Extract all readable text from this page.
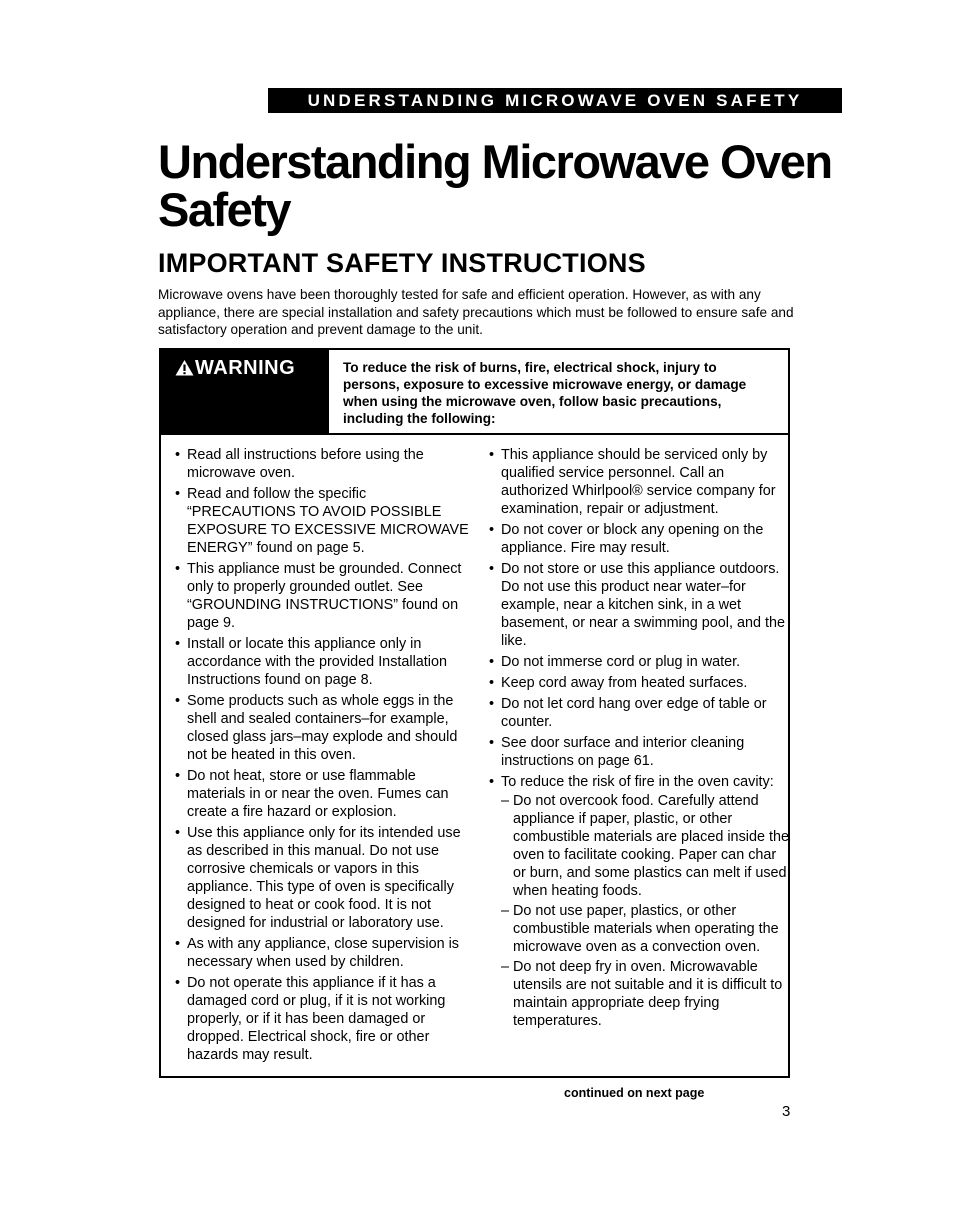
UNDERSTANDING MICROWAVE OVEN SAFETY
Understanding Microwave Oven Safety
IMPORTANT SAFETY INSTRUCTIONS

Microwave ovens have been thoroughly tested for safe and efficient operation. However, as with any appliance, there are special installation and safety precautions which must be followed to ensure safe and satisfactory operation and prevent damage to the unit.

WARNING	To reduce the risk of burns, fire, electrical shock, injury to persons, exposure to excessive microwave energy, or damage when using the microwave oven, follow basic precautions, including the following:
• Read all instructions before using the microwave oven.
• Read and follow the specific “PRECAUTIONS TO AVOID POSSIBLE EXPOSURE TO EXCESSIVE MICROWAVE ENERGY” found on page 5.
• This appliance must be grounded. Connect only to properly grounded outlet. See “GROUNDING INSTRUCTIONS” found on page 9.
• Install or locate this appliance only in accordance with the provided Installation Instructions found on page 8.
• Some products such as whole eggs in the shell and sealed containers–for example, closed glass jars–may explode and should not be heated in this oven.
• Do not heat, store or use flammable materials in or near the oven. Fumes can create a fire hazard or explosion.
• Use this appliance only for its intended use as described in this manual. Do not use corrosive chemicals or vapors in this appliance. This type of oven is specifically designed to heat or cook food. It is not designed for industrial or laboratory use.
• As with any appliance, close supervision is necessary when used by children.
• Do not operate this appliance if it has a damaged cord or plug, if it is not working properly, or if it has been damaged or dropped. Electrical shock, fire or other hazards may result.
• This appliance should be serviced only by qualified service personnel. Call an authorized Whirlpool® service company for examination, repair or adjustment.
• Do not cover or block any opening on the appliance. Fire may result.
• Do not store or use this appliance outdoors. Do not use this product near water–for example, near a kitchen sink, in a wet basement, or near a swimming pool, and the like.
• Do not immerse cord or plug in water.
• Keep cord away from heated surfaces.
• Do not let cord hang over edge of table or counter.
• See door surface and interior cleaning instructions on page 61.
• To reduce the risk of fire in the oven cavity:
– Do not overcook food. Carefully attend appliance if paper, plastic, or other combustible materials are placed inside the oven to facilitate cooking. Paper can char or burn, and some plastics can melt if used when heating foods.
– Do not use paper, plastics, or other combustible materials when operating the microwave oven as a convection oven.
– Do not deep fry in oven. Microwavable utensils are not suitable and it is difficult to maintain appropriate deep frying temperatures.
continued on next page
3
